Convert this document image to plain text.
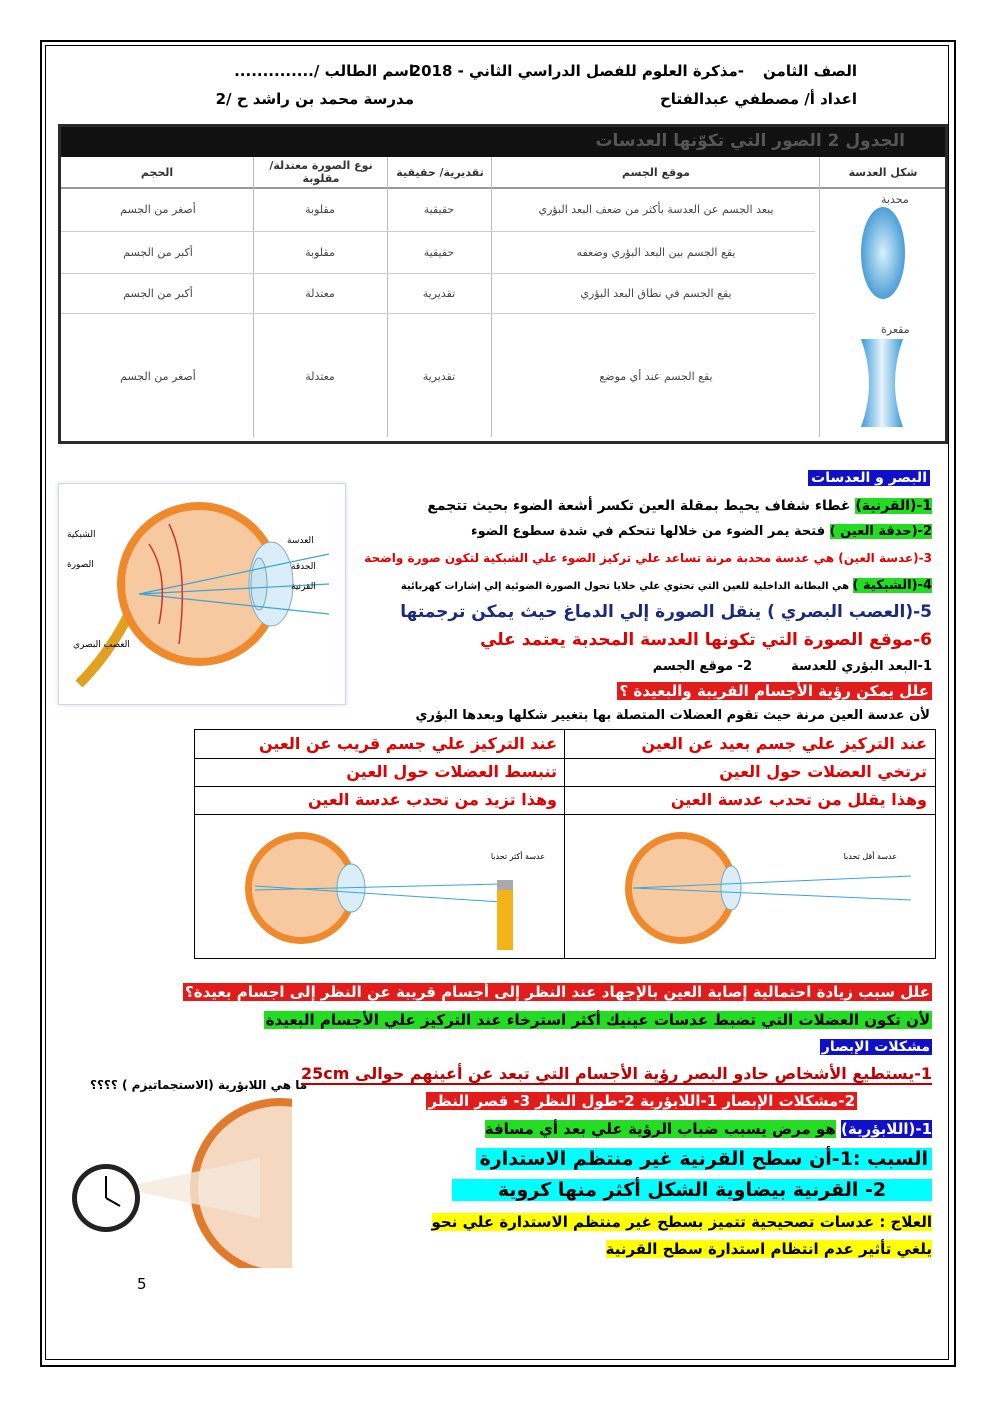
الصف الثامن
-مذكرة العلوم للفصل الدراسي الثاني - 2018
اسم الطالب /..............
اعداد أ/ مصطفي عبدالفتاح
مدرسة محمد بن راشد ح /2
الجدول 2 الصور التي تكوّنها العدسات
شكل العدسة
موقع الجسم
تقديرية/ حقيقية
نوع الصورة معتدلة/مقلوبة
الحجم
محدبة
مقعرة
يبعد الجسم عن العدسة بأكثر من ضعف البعد البؤري
حقيقية
مقلوبة
أصغر من الجسم
يقع الجسم بين البعد البؤري وضعفه
حقيقية
مقلوبة
أكبر من الجسم
يقع الجسم في نطاق البعد البؤري
تقديرية
معتدلة
أكبر من الجسم
يقع الجسم عند أي موضع
تقديرية
معتدلة
أصغر من الجسم
الشبكية
الصورة
العصب البصري
العدسة
الحدقة
القرنية
البصر و العدسات
1-(القرنية) غطاء شفاف يحيط بمقلة العين تكسر أشعة الضوء بحيث تتجمع
2-(حدقة العين ) فتحة يمر الضوء من خلالها تتحكم في شدة سطوع الضوء
3-(عدسة العين) هي عدسة محدبة مرنة تساعد علي تركيز الضوء علي الشبكية لتكون صورة واضحة
4-(الشبكية ) هي البطانة الداخلية للعين التي تحتوي علي خلايا تحول الصورة الضوئية إلي إشارات كهربائية
5-(العصب البصري ) ينقل الصورة إلي الدماغ حيث يمكن ترجمتها
6-موقع الصورة التي تكونها العدسة المحدبة يعتمد علي
1-البعد البؤري للعدسة
2- موقع الجسم
علل يمكن رؤية الأجسام القريبة والبعيدة ؟
لأن عدسة العين مرنة حيث تقوم العضلات المتصلة بها بتغيير شكلها وبعدها البؤري
عند التركيز علي جسم بعيد عن العين
ترتخي العضلات حول العين
وهذا يقلل من تحدب عدسة العين
عند التركيز علي جسم قريب عن العين
تنبسط العضلات حول العين
وهذا تزيد من تحدب عدسة العين
عدسة أقل تحدبا
عدسة أكثر تحدبا
علل سبب زيادة احتمالية إصابة العين بالإجهاد عند النظر إلى أجسام قريبة عن النظر إلى اجسام بعيدة؟
لأن تكون العضلات التي تضبط عدسات عينيك أكثر استرخاء عند التركيز علي الأجسام البعيدة
مشكلات الإبصار
1-يستطيع الأشخاص حادو البصر رؤية الأجسام التي تبعد عن أعينهم حوالى 25cm
2-مشكلات الإبصار 1-اللابؤرية 2-طول النظر 3- قصر النظر
1-(اللابؤرية) هو مرض يسبب ضباب الرؤية علي بعد أي مسافة
السبب :1-أن سطح القرنية غير منتظم الاستدارة
2- القرنية بيضاوية الشكل أكثر منها كروية
العلاج : عدسات تصحيحية تتميز بسطح غير منتظم الاستدارة علي نحو
يلغي تأثير عدم انتظام استدارة سطح القرنية
ما هي اللابؤرية (الاستجماتيزم ) ؟؟؟؟
5
